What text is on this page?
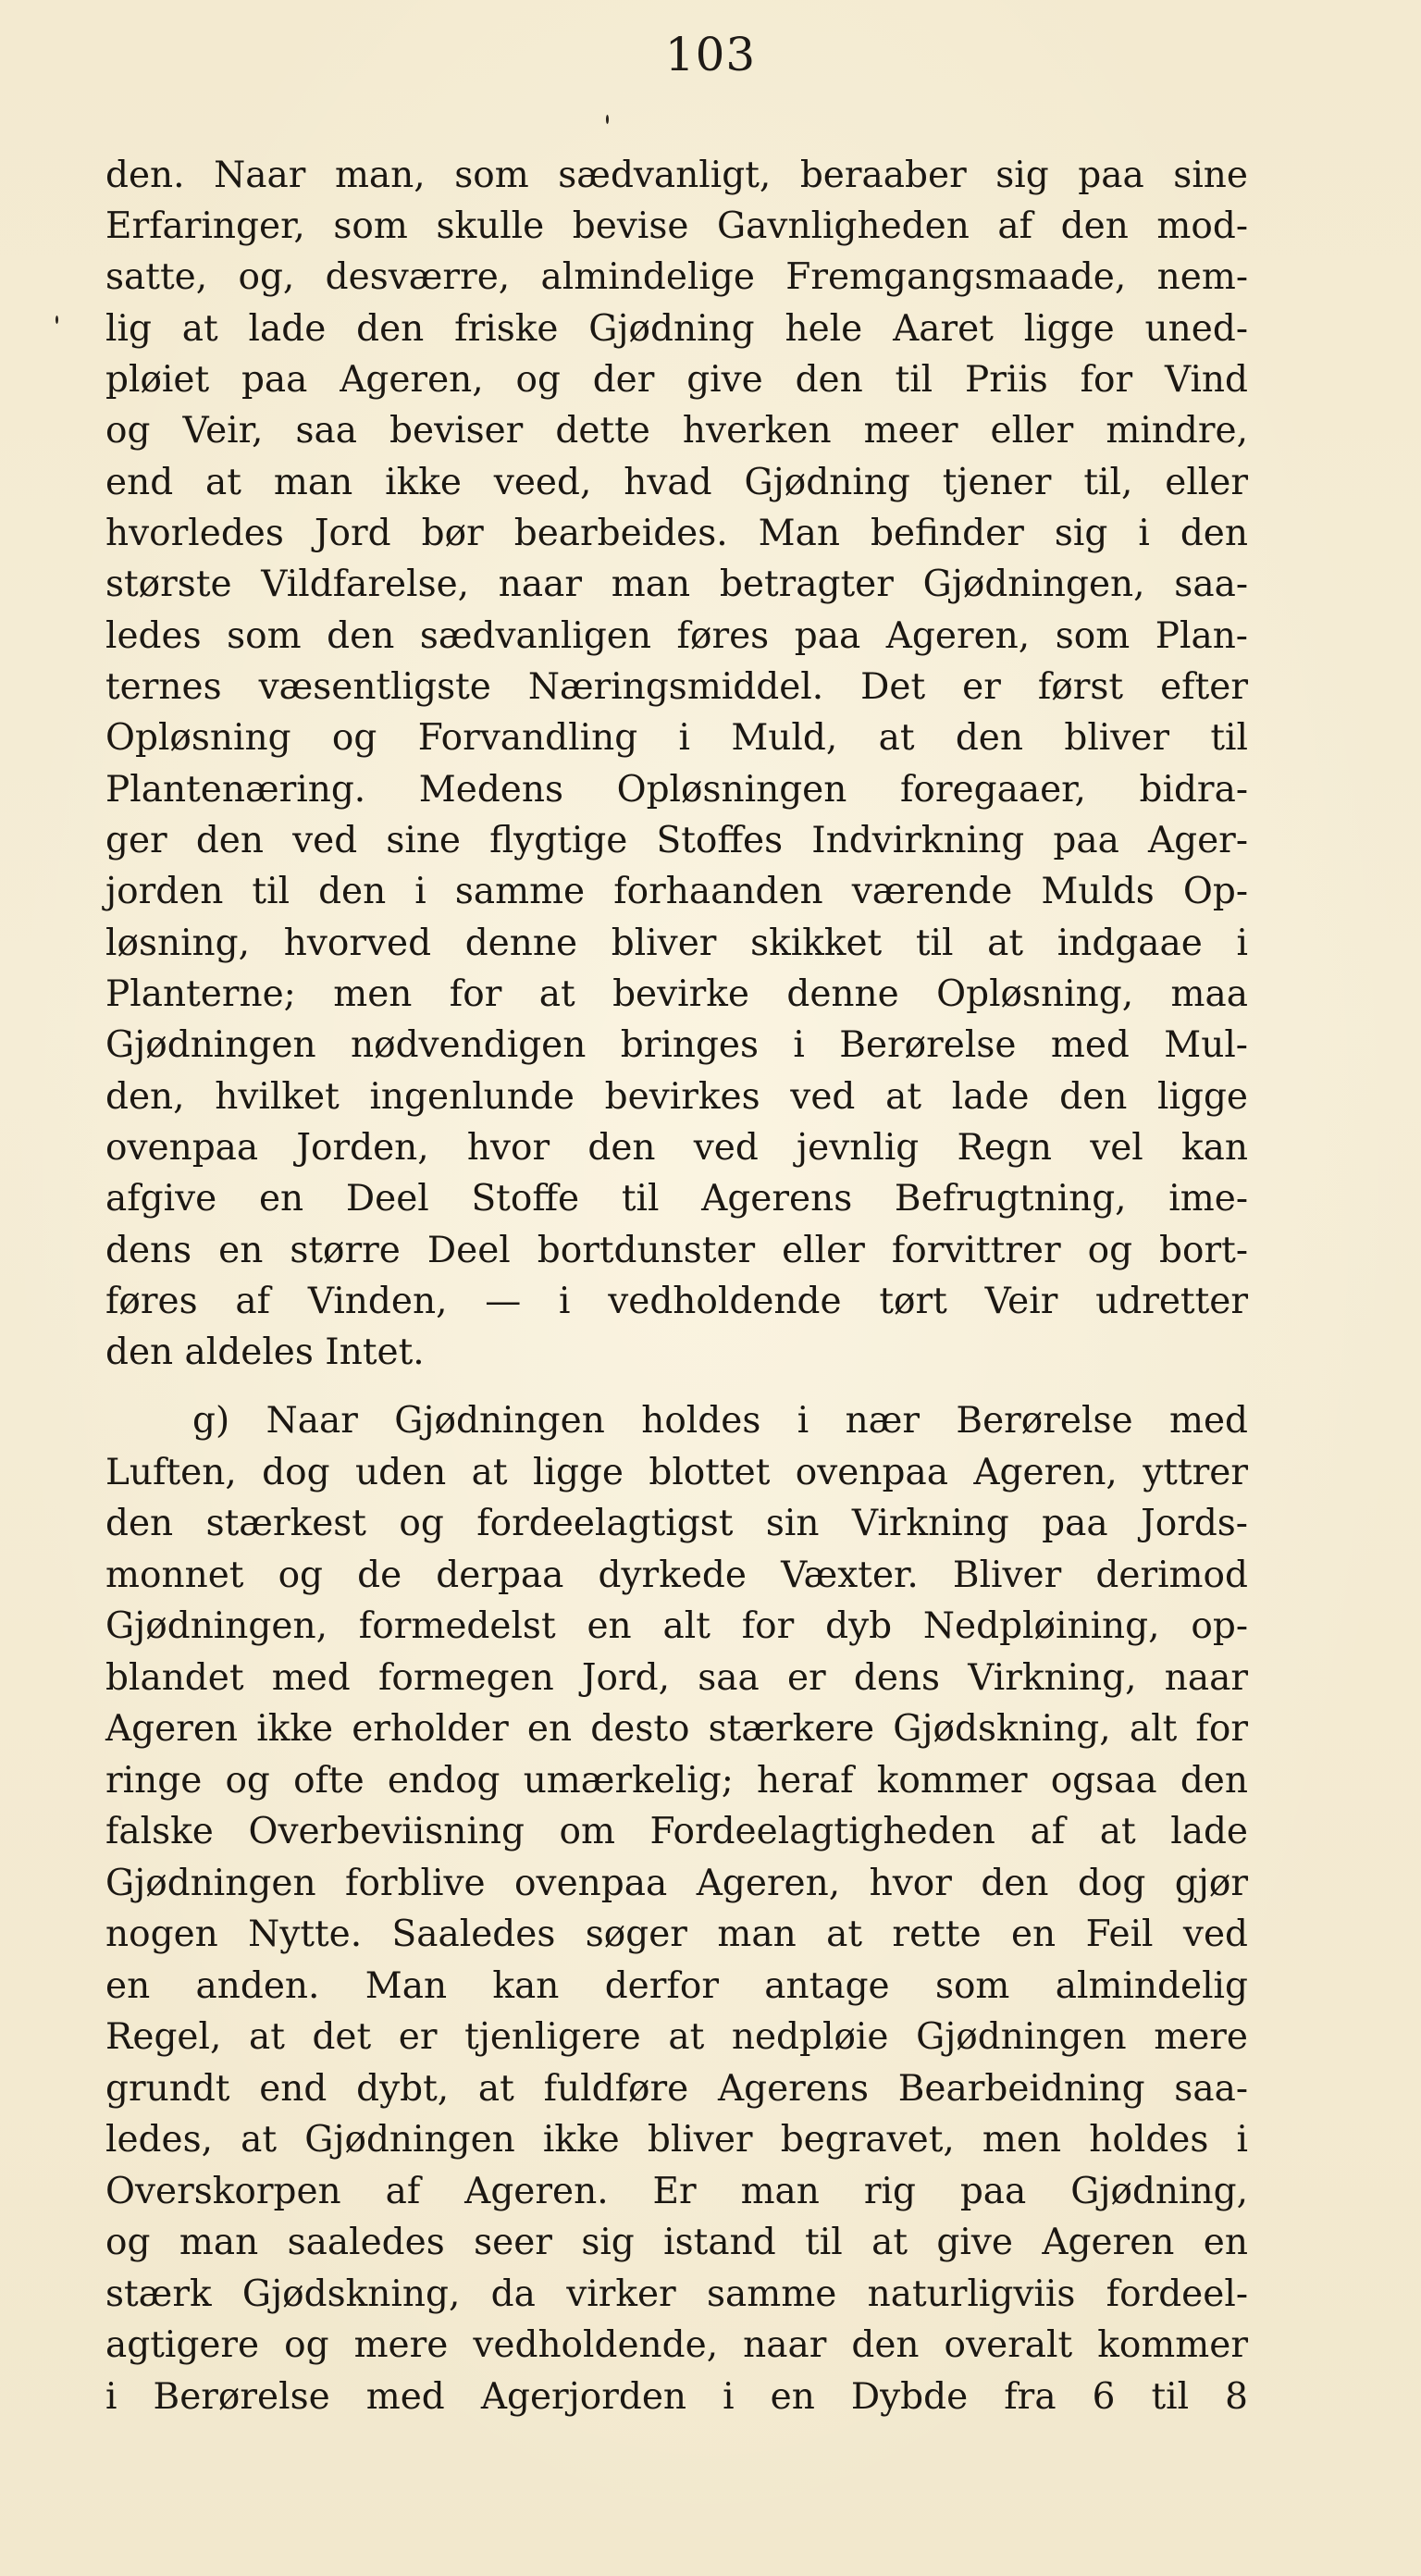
103
den. Naar man, som sædvanligt, beraaber sig paa sine
Erfaringer, som skulle bevise Gavnligheden af den mod-
satte, og, desværre, almindelige Fremgangsmaade, nem-
lig at lade den friske Gjødning hele Aaret ligge uned-
pløiet paa Ageren, og der give den til Priis for Vind
og Veir, saa beviser dette hverken meer eller mindre,
end at man ikke veed, hvad Gjødning tjener til, eller
hvorledes Jord bør bearbeides. Man befinder sig i den
største Vildfarelse, naar man betragter Gjødningen, saa-
ledes som den sædvanligen føres paa Ageren, som Plan-
ternes væsentligste Næringsmiddel. Det er først efter
Opløsning og Forvandling i Muld, at den bliver til
Plantenæring. Medens Opløsningen foregaaer, bidra-
ger den ved sine flygtige Stoffes Indvirkning paa Ager-
jorden til den i samme forhaanden værende Mulds Op-
løsning, hvorved denne bliver skikket til at indgaae i
Planterne; men for at bevirke denne Opløsning, maa
Gjødningen nødvendigen bringes i Berørelse med Mul-
den, hvilket ingenlunde bevirkes ved at lade den ligge
ovenpaa Jorden, hvor den ved jevnlig Regn vel kan
afgive en Deel Stoffe til Agerens Befrugtning, ime-
dens en større Deel bortdunster eller forvittrer og bort-
føres af Vinden, — i vedholdende tørt Veir udretter
den aldeles Intet.
g) Naar Gjødningen holdes i nær Berørelse med
Luften, dog uden at ligge blottet ovenpaa Ageren, yttrer
den stærkest og fordeelagtigst sin Virkning paa Jords-
monnet og de derpaa dyrkede Væxter. Bliver derimod
Gjødningen, formedelst en alt for dyb Nedpløining, op-
blandet med formegen Jord, saa er dens Virkning, naar
Ageren ikke erholder en desto stærkere Gjødskning, alt for
ringe og ofte endog umærkelig; heraf kommer ogsaa den
falske Overbeviisning om Fordeelagtigheden af at lade
Gjødningen forblive ovenpaa Ageren, hvor den dog gjør
nogen Nytte. Saaledes søger man at rette en Feil ved
en anden. Man kan derfor antage som almindelig
Regel, at det er tjenligere at nedpløie Gjødningen mere
grundt end dybt, at fuldføre Agerens Bearbeidning saa-
ledes, at Gjødningen ikke bliver begravet, men holdes i
Overskorpen af Ageren. Er man rig paa Gjødning,
og man saaledes seer sig istand til at give Ageren en
stærk Gjødskning, da virker samme naturligviis fordeel-
agtigere og mere vedholdende, naar den overalt kommer
i Berørelse med Agerjorden i en Dybde fra 6 til 8
